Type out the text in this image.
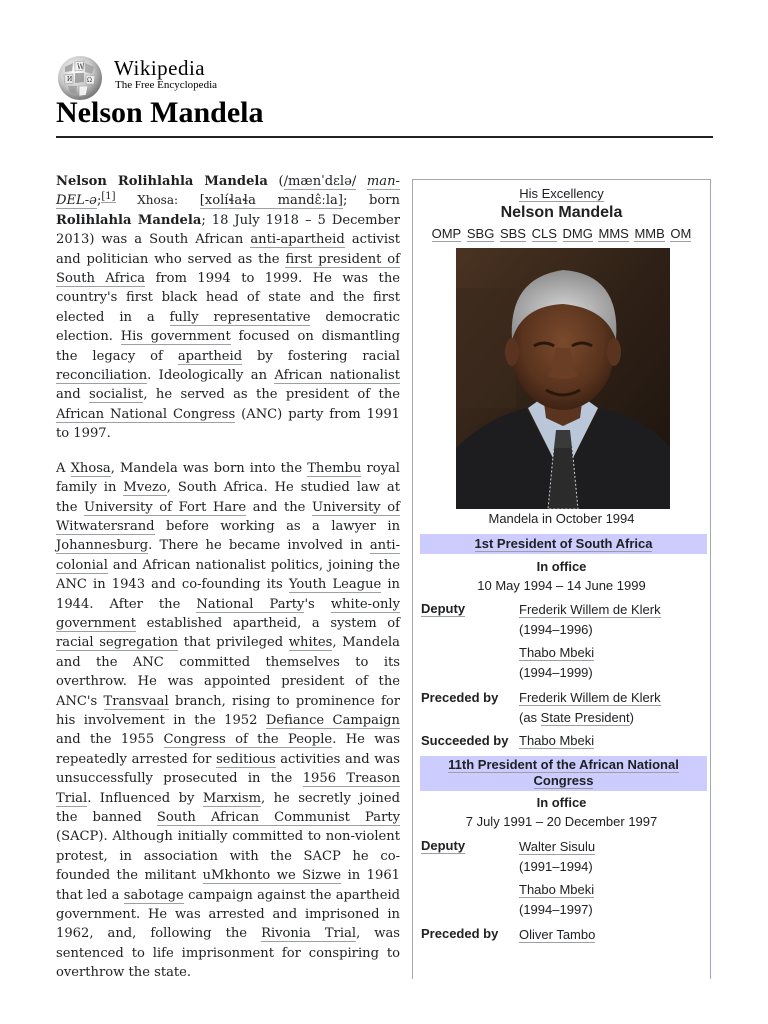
W
Ω
И Wikipedia
The Free Encyclopedia
Nelson Mandela

Nelson Rolihlahla Mandela (/mænˈdɛlə/ man-DEL-ə;[1] Xhosa: [xolíɬaɬa mandɛ̂ːla]; born Rolihlahla Mandela; 18 July 1918 – 5 December 2013) was a South African anti-apartheid activist and politician who served as the first president of South Africa from 1994 to 1999. He was the country's first black head of state and the first elected in a fully representative democratic election. His government focused on dismantling the legacy of apartheid by fostering racial reconciliation. Ideologically an African nationalist and socialist, he served as the president of the African National Congress (ANC) party from 1991 to 1997.

A Xhosa, Mandela was born into the Thembu royal family in Mvezo, South Africa. He studied law at the University of Fort Hare and the University of Witwatersrand before working as a lawyer in Johannesburg. There he became involved in anti-colonial and African nationalist politics, joining the ANC in 1943 and co-founding its Youth League in 1944. After the National Party's white-only government established apartheid, a system of racial segregation that privileged whites, Mandela and the ANC committed themselves to its overthrow. He was appointed president of the ANC's Transvaal branch, rising to prominence for his involvement in the 1952 Defiance Campaign and the 1955 Congress of the People. He was repeatedly arrested for seditious activities and was unsuccessfully prosecuted in the 1956 Treason Trial. Influenced by Marxism, he secretly joined the banned South African Communist Party (SACP). Although initially committed to non-violent protest, in association with the SACP he co-founded the militant uMkhonto we Sizwe in 1961 that led a sabotage campaign against the apartheid government. He was arrested and imprisoned in 1962, and, following the Rivonia Trial, was sentenced to life imprisonment for conspiring to overthrow the state.

His Excellency
Nelson Mandela
OMP SBG SBS CLS DMG MMS MMB OM
Mandela in October 1994
1st President of South Africa
In office
10 May 1994 – 14 June 1999
Deputy	Frederik Willem de Klerk
(1994–1996)
Thabo Mbeki
(1994–1999)
Preceded by Frederik Willem de Klerk
(as State President)
Succeeded by Thabo Mbeki
11th President of the African National Congress
In office
7 July 1991 – 20 December 1997
Deputy	Walter Sisulu
(1991–1994)
Thabo Mbeki
(1994–1997)
Preceded by Oliver Tambo
